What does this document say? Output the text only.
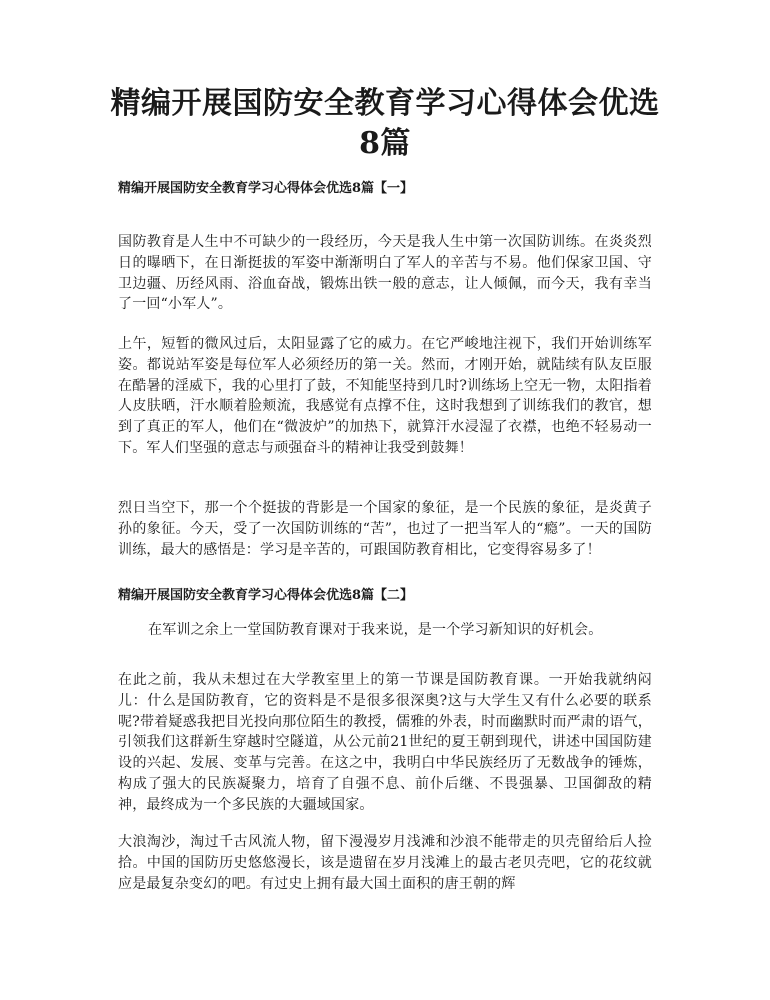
精编开展国防安全教育学习心得体会优选8篇
精编开展国防安全教育学习心得体会优选8篇【一】

国防教育是人生中不可缺少的一段经历，今天是我人生中第一次国防训练。在炎炎烈日的曝晒下，在日渐挺拔的军姿中渐渐明白了军人的辛苦与不易。他们保家卫国、守卫边疆、历经风雨、浴血奋战，锻炼出铁一般的意志，让人倾佩，而今天，我有幸当了一回“小军人”。

上午，短暂的微风过后，太阳显露了它的威力。在它严峻地注视下，我们开始训练军姿。都说站军姿是每位军人必须经历的第一关。然而，才刚开始，就陆续有队友臣服在酷暑的淫威下，我的心里打了鼓，不知能坚持到几时?训练场上空无一物，太阳指着人皮肤晒，汗水顺着脸颊流，我感觉有点撑不住，这时我想到了训练我们的教官，想到了真正的军人，他们在“微波炉”的加热下，就算汗水浸湿了衣襟，也绝不轻易动一下。军人们坚强的意志与顽强奋斗的精神让我受到鼓舞！

烈日当空下，那一个个挺拔的背影是一个国家的象征，是一个民族的象征，是炎黄子孙的象征。今天，受了一次国防训练的“苦”，也过了一把当军人的“瘾”。一天的国防训练，最大的感悟是：学习是辛苦的，可跟国防教育相比，它变得容易多了！

精编开展国防安全教育学习心得体会优选8篇【二】

在军训之余上一堂国防教育课对于我来说，是一个学习新知识的好机会。

在此之前，我从未想过在大学教室里上的第一节课是国防教育课。一开始我就纳闷儿：什么是国防教育，它的资料是不是很多很深奥?这与大学生又有什么必要的联系呢?带着疑惑我把目光投向那位陌生的教授，儒雅的外表，时而幽默时而严肃的语气，引领我们这群新生穿越时空隧道，从公元前21世纪的夏王朝到现代，讲述中国国防建设的兴起、发展、变革与完善。在这之中，我明白中华民族经历了无数战争的锤炼，构成了强大的民族凝聚力，培育了自强不息、前仆后继、不畏强暴、卫国御敌的精神，最终成为一个多民族的大疆域国家。

大浪淘沙，淘过千古风流人物，留下漫漫岁月浅滩和沙浪不能带走的贝壳留给后人捡拾。中国的国防历史悠悠漫长，该是遗留在岁月浅滩上的最古老贝壳吧，它的花纹就应是最复杂变幻的吧。有过史上拥有最大国土面积的唐王朝的辉
